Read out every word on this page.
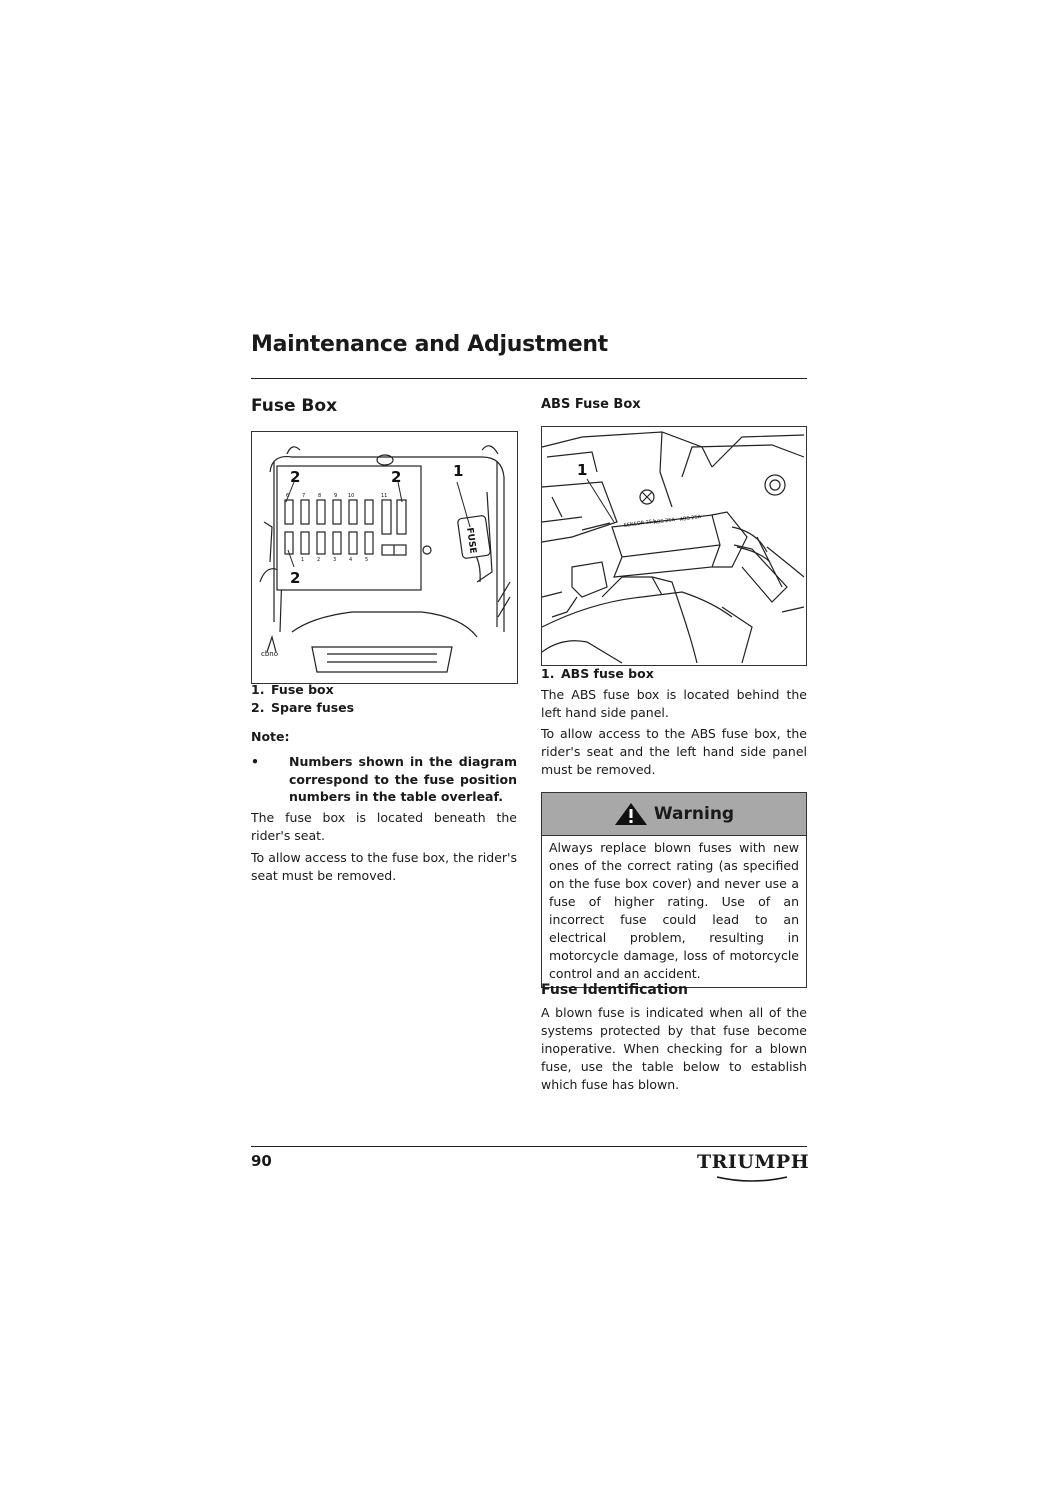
Maintenance and Adjustment
Fuse Box
1
2	2
2
6	7	8	9 10	11
1	2	3	4	5
FUSE
cbno
1. Fuse box
2. Spare fuses
Note:
•	Numbers shown in the diagram correspond to the fuse position numbers in the table overleaf.
The fuse box is located beneath the rider's seat.
To allow access to the fuse box, the rider's seat must be removed.
ABS Fuse Box
SENSOR 25A
ABS 25A ABS 25A
1
1. ABS fuse box
The ABS fuse box is located behind the left hand side panel.
To allow access to the ABS fuse box, the rider's seat and the left hand side panel must be removed.
Warning
Always replace blown fuses with new ones of the correct rating (as specified on the fuse box cover) and never use a fuse of higher rating. Use of an incorrect fuse could lead to an electrical problem, resulting in motorcycle damage, loss of motorcycle control and an accident.
Fuse Identification
A blown fuse is indicated when all of the systems protected by that fuse become inoperative. When checking for a blown fuse, use the table below to establish which fuse has blown.
90	TRIUMPH
